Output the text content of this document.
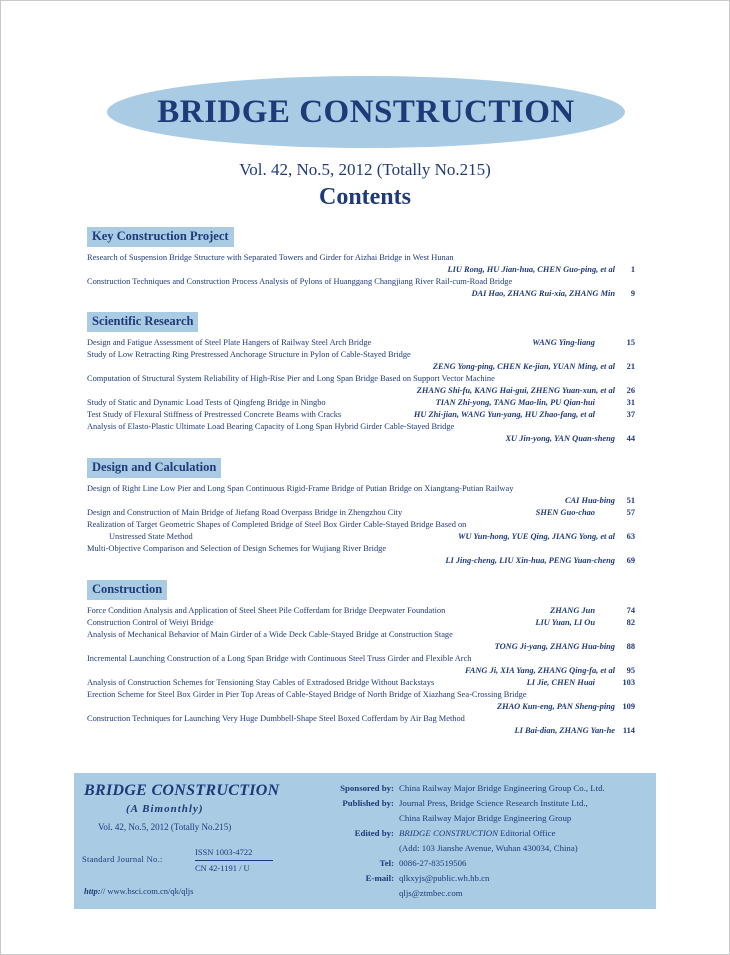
BRIDGE CONSTRUCTION
Vol. 42, No.5, 2012 (Totally No.215)
Contents
Key Construction Project
Research of Suspension Bridge Structure with Separated Towers and Girder for Aizhai Bridge in West Hunan
LIU Rong, HU Jian-hua, CHEN Guo-ping, et al	1
Construction Techniques and Construction Process Analysis of Pylons of Huanggang Changjiang River Rail-cum-Road Bridge
DAI Hao, ZHANG Rui-xia, ZHANG Min	9
Scientific Research
Design and Fatigue Assessment of Steel Plate Hangers of Railway Steel Arch Bridge	WANG Ying-liang	15
Study of Low Retracting Ring Prestressed Anchorage Structure in Pylon of Cable-Stayed Bridge
ZENG Yong-ping, CHEN Ke-jian, YUAN Ming, et al	21
Computation of Structural System Reliability of High-Rise Pier and Long Span Bridge Based on Support Vector Machine
ZHANG Shi-fu, KANG Hai-gui, ZHENG Yuan-xun, et al	26
Study of Static and Dynamic Load Tests of Qingfeng Bridge in Ningbo	TIAN Zhi-yong, TANG Mao-lin, PU Qian-hui	31
Test Study of Flexural Stiffness of Prestressed Concrete Beams with Cracks	HU Zhi-jian, WANG Yun-yang, HU Zhao-fang, et al	37
Analysis of Elasto-Plastic Ultimate Load Bearing Capacity of Long Span Hybrid Girder Cable-Stayed Bridge
XU Jin-yong, YAN Quan-sheng	44
Design and Calculation
Design of Right Line Low Pier and Long Span Continuous Rigid-Frame Bridge of Putian Bridge on Xiangtang-Putian Railway
CAI Hua-bing	51
Design and Construction of Main Bridge of Jiefang Road Overpass Bridge in Zhengzhou City	SHEN Guo-chao	57
Realization of Target Geometric Shapes of Completed Bridge of Steel Box Girder Cable-Stayed Bridge Based on
Unstressed State Method	WU Yun-hong, YUE Qing, JIANG Yong, et al	63
Multi-Objective Comparison and Selection of Design Schemes for Wujiang River Bridge
LI Jing-cheng, LIU Xin-hua, PENG Yuan-cheng	69
Construction
Force Condition Analysis and Application of Steel Sheet Pile Cofferdam for Bridge Deepwater Foundation	ZHANG Jun	74
Construction Control of Weiyi Bridge	LIU Yuan, LI Ou	82
Analysis of Mechanical Behavior of Main Girder of a Wide Deck Cable-Stayed Bridge at Construction Stage
TONG Ji-yang, ZHANG Hua-bing	88
Incremental Launching Construction of a Long Span Bridge with Continuous Steel Truss Girder and Flexible Arch
FANG Ji, XIA Yang, ZHANG Qing-fa, et al	95
Analysis of Construction Schemes for Tensioning Stay Cables of Extradosed Bridge Without Backstays	LI Jie, CHEN Huai	103
Erection Scheme for Steel Box Girder in Pier Top Areas of Cable-Stayed Bridge of North Bridge of Xiazhang Sea-Crossing Bridge
ZHAO Kun-eng, PAN Sheng-ping 109
Construction Techniques for Launching Very Huge Dumbbell-Shape Steel Boxed Cofferdam by Air Bag Method
LI Bai-dian, ZHANG Yan-he 114
BRIDGE CONSTRUCTION
(A Bimonthly)
Vol. 42, No.5, 2012 (Totally No.215)
Standard Journal No.:
ISSN 1003-4722
CN 42-1191 / U
http:// www.bsci.com.cn/qk/qljs
Sponsored by: China Railway Major Bridge Engineering Group Co., Ltd.
Published by: Journal Press, Bridge Science Research Institute Ltd.,
China Railway Major Bridge Engineering Group
Edited by: BRIDGE CONSTRUCTION Editorial Office
(Add: 103 Jianshe Avenue, Wuhan 430034, China)
Tel: 0086-27-83519506
E-mail: qlkxyjs@public.wh.hb.cn
qljs@ztmbec.com
